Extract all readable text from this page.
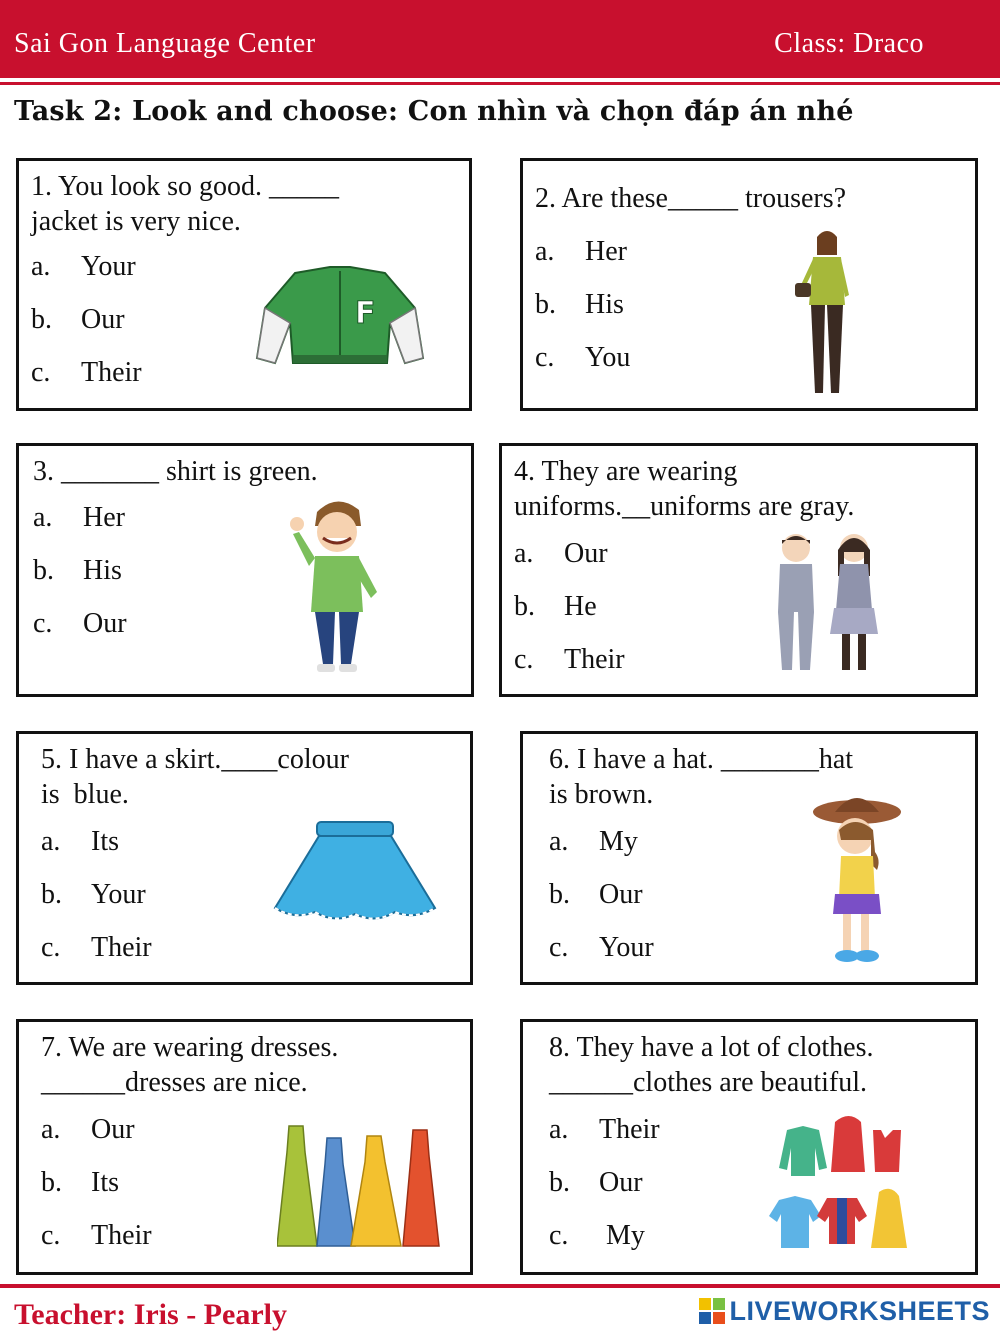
Sai Gon Language Center	Class: Draco
Task 2: Look and choose: Con nhìn và chọn đáp án nhé
1. You look so good. _____
jacket is very nice.
a. Your
b. Our
c. Their
F
2. Are these_____ trousers?
a. Her
b. His
c. You
3. _______ shirt is green.
a. Her
b. His
c. Our
4. They are wearing
uniforms.__uniforms are gray.
a. Our
b. He
c. Their
5. I have a skirt.____colour
is  blue.
a. Its
b. Your
c. Their
6. I have a hat. _______hat
is brown.
a. My
b. Our
c. Your
7. We are wearing dresses.
______dresses are nice.
a. Our
b. Its
c. Their
8. They have a lot of clothes.
______clothes are beautiful.
a. Their
b. Our
c. My
Teacher: Iris - Pearly	LIVEWORKSHEETS
